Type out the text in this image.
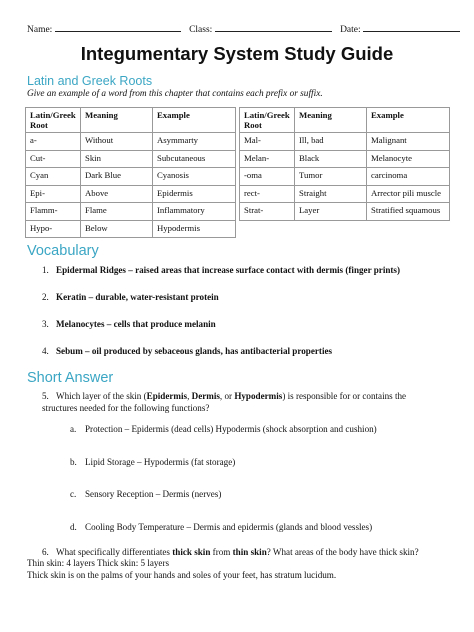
Name:	Class:	Date:
Integumentary System Study Guide
Latin and Greek Roots
Give an example of a word from this chapter that contains each prefix or suffix.
Latin/Greek Root	Meaning	Example
a-	Without	Asymmarty
Cut-	Skin	Subcutaneous
Cyan	Dark Blue	Cyanosis
Epi-	Above	Epidermis
Flamm-	Flame	Inflammatory
Hypo-	Below	Hypodermis
Latin/Greek Root	Meaning	Example
Mal-	Ill, bad	Malignant
Melan-	Black	Melanocyte
-oma	Tumor	carcinoma
rect-	Straight	Arrector pili muscle
Strat-	Layer	Stratified squamous
Vocabulary
1. Epidermal Ridges – raised areas that increase surface contact with dermis (finger prints)
2. Keratin – durable, water-resistant protein
3. Melanocytes – cells that produce melanin
4. Sebum – oil produced by sebaceous glands, has antibacterial properties
Short Answer
5. Which layer of the skin (Epidermis, Dermis, or Hypodermis) is responsible for or contains the structures needed for the following functions?
a. Protection – Epidermis (dead cells) Hypodermis (shock absorption and cushion)
b. Lipid Storage – Hypodermis (fat storage)
c. Sensory Reception – Dermis (nerves)
d. Cooling Body Temperature – Dermis and epidermis (glands and blood vessles)
6. What specifically differentiates thick skin from thin skin? What areas of the body have thick skin?
Thin skin: 4 layers Thick skin: 5 layers
Thick skin is on the palms of your hands and soles of your feet, has stratum lucidum.
